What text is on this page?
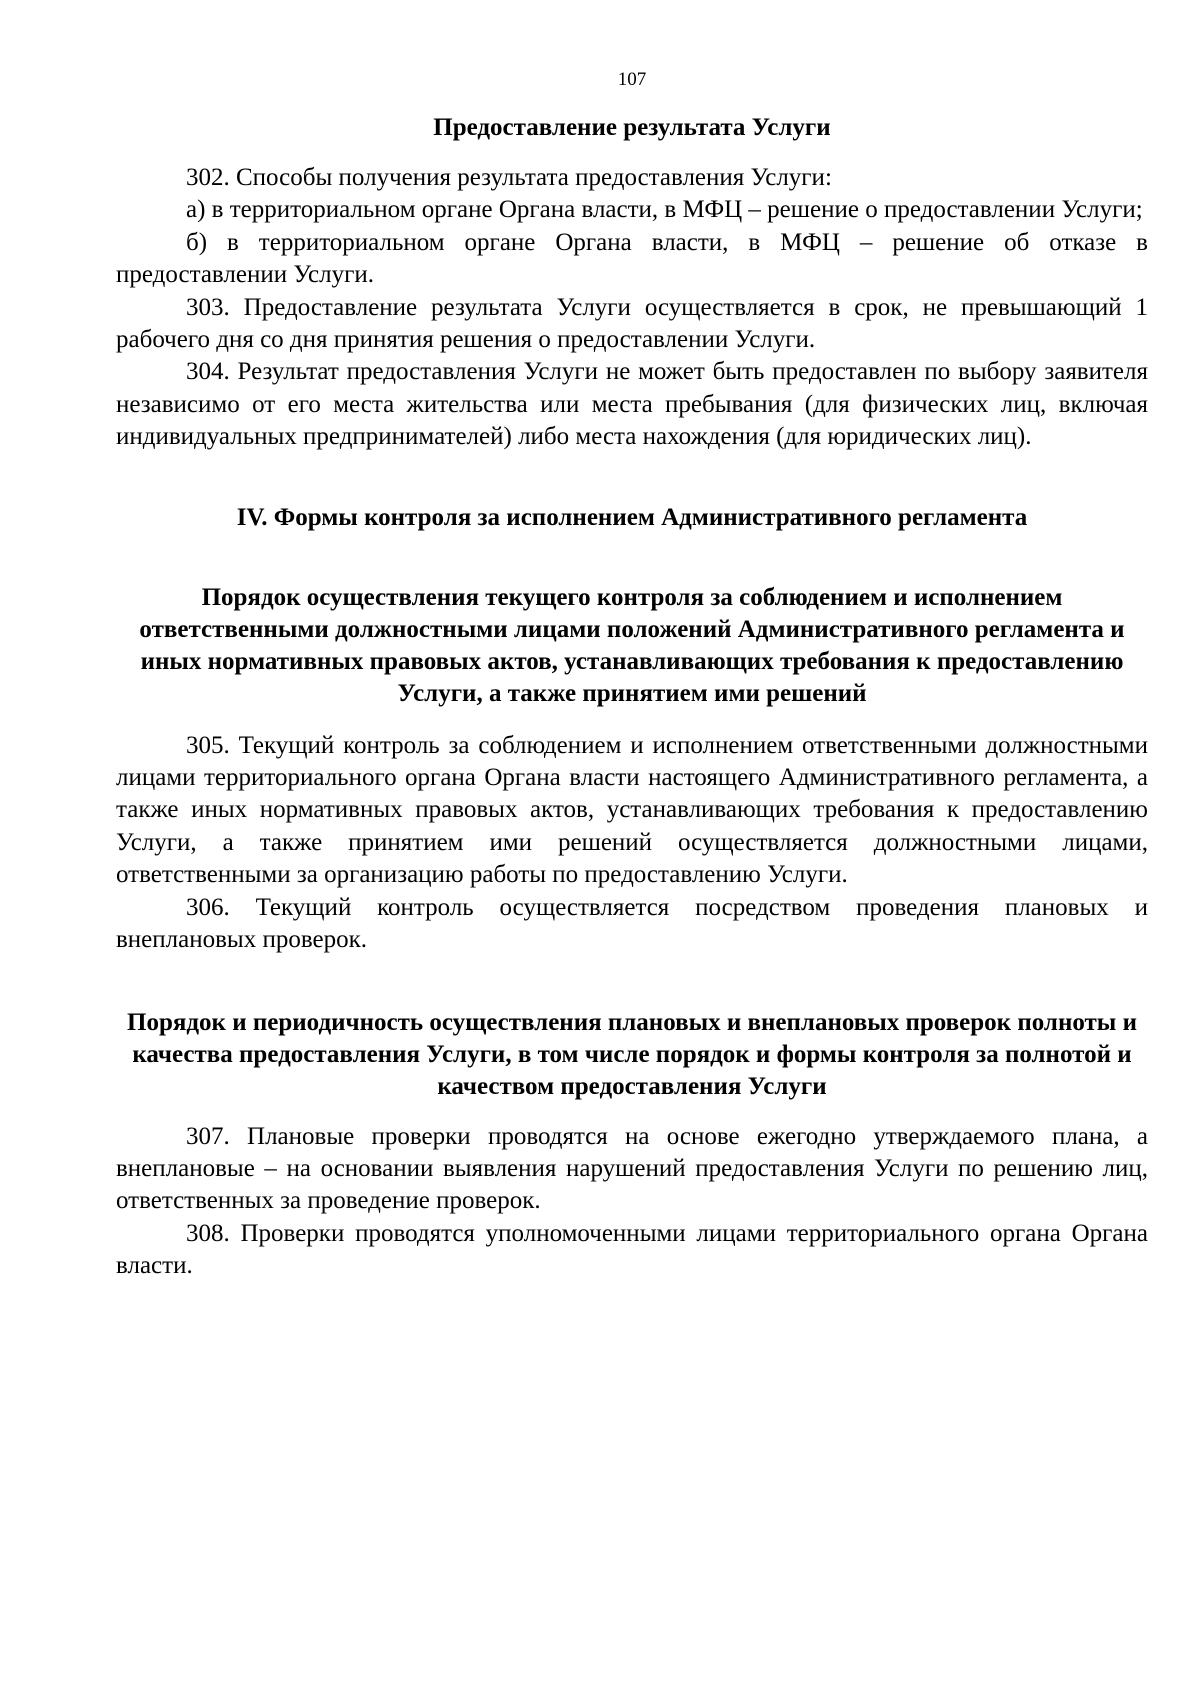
107
Предоставление результата Услуги

302. Способы получения результата предоставления Услуги:

а) в территориальном органе Органа власти, в МФЦ – решение о предоставлении Услуги;

б) в территориальном органе Органа власти, в МФЦ – решение об отказе в предоставлении Услуги.

303. Предоставление результата Услуги осуществляется в срок, не превышающий 1 рабочего дня со дня принятия решения о предоставлении Услуги.

304. Результат предоставления Услуги не может быть предоставлен по выбору заявителя независимо от его места жительства или места пребывания (для физических лиц, включая индивидуальных предпринимателей) либо места нахождения (для юридических лиц).

IV. Формы контроля за исполнением Административного регламента
Порядок осуществления текущего контроля за соблюдением и исполнением ответственными должностными лицами положений Административного регламента и иных нормативных правовых актов, устанавливающих требования к предоставлению Услуги, а также принятием ими решений

305. Текущий контроль за соблюдением и исполнением ответственными должностными лицами территориального органа Органа власти настоящего Административного регламента, а также иных нормативных правовых актов, устанавливающих требования к предоставлению Услуги, а также принятием ими решений осуществляется должностными лицами, ответственными за организацию работы по предоставлению Услуги.

306. Текущий контроль осуществляется посредством проведения плановых и внеплановых проверок.

Порядок и периодичность осуществления плановых и внеплановых проверок полноты и качества предоставления Услуги, в том числе порядок и формы контроля за полнотой и качеством предоставления Услуги

307. Плановые проверки проводятся на основе ежегодно утверждаемого плана, а внеплановые – на основании выявления нарушений предоставления Услуги по решению лиц, ответственных за проведение проверок.

308. Проверки проводятся уполномоченными лицами территориального органа Органа власти.
